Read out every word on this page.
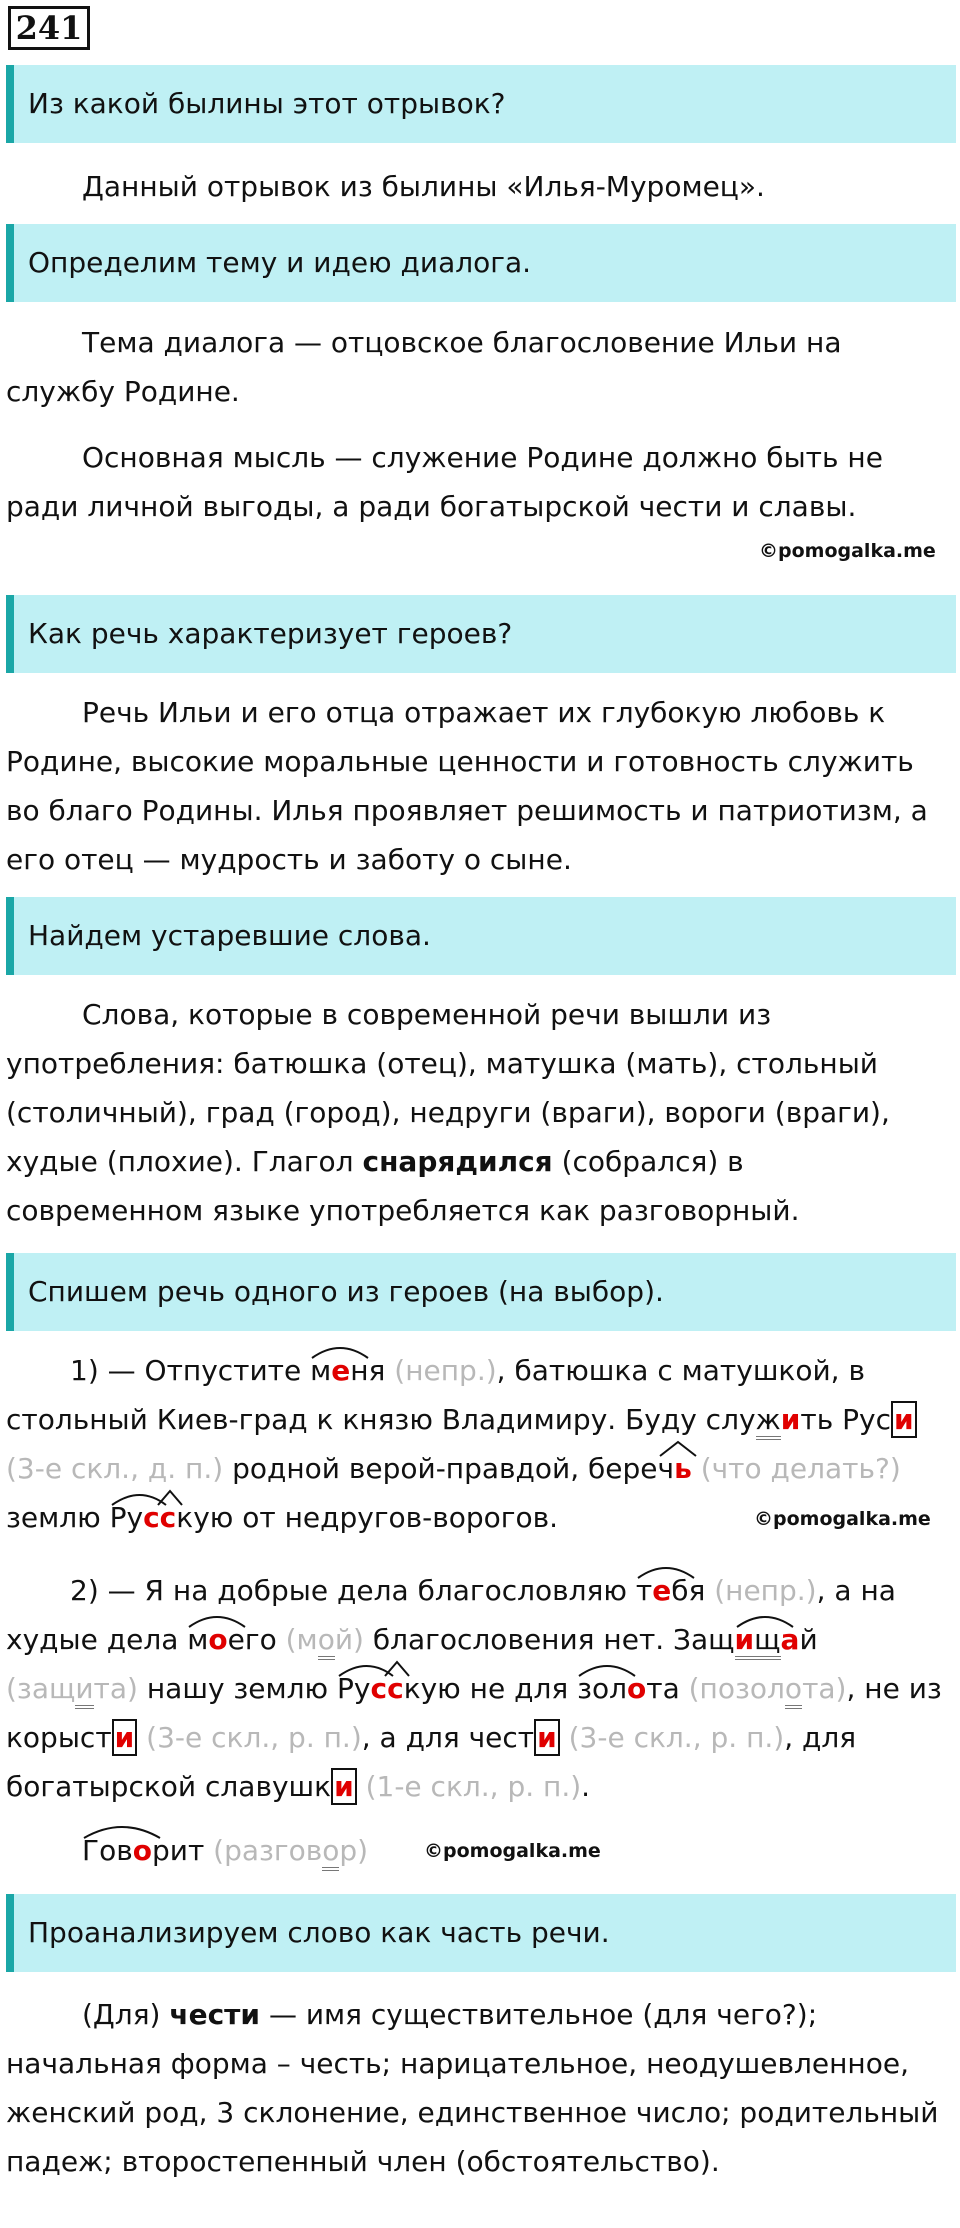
241
Из какой былины этот отрывок?

Данный отрывок из былины «Илья-Муромец».

Определим тему и идею диалога.

Тема диалога — отцовское благословение Ильи на службу Родине.

Основная мысль — служение Родине должно быть не ради личной выгоды, а ради богатырской чести и славы.

©pomogalka.me
Как речь характеризует героев?

Речь Ильи и его отца отражает их глубокую любовь к Родине, высокие моральные ценности и готовность служить во благо Родины. Илья проявляет решимость и патриотизм, а его отец — мудрость и заботу о сыне.

Найдем устаревшие слова.

Слова, которые в современной речи вышли из употребления: батюшка (отец), матушка (мать), стольный (столичный), град (город), недруги (враги), вороги (враги), худые (плохие). Глагол снарядился (собрался) в современном языке употребляется как разговорный.

Спишем речь одного из героев (на выбор).

1) — Отпустите
меня (непр.), батюшка с матушкой, в стольный Киев-град к князю Владимиру. Буду служить Рус и (3-е скл., д. п.) родной верой-правдой, бере
чь (что делать?) землю
Русскую от недругов-ворогов.	©pomogalka.me

2) — Я на добрые дела благословляю
тебя (непр.), а на худые дела
моего (мой) благословения нет. Защ
ищай (защита) нашу землю
Русскую не для
золота (позолота), не из корыст и (3-е скл., р. п.), а для чест и (3-е скл., р. п.), для богатырской славушк и (1-е скл., р. п.).

Говорит (разговор)	©pomogalka.me
Проанализируем слово как часть речи.

(Для) чести — имя существительное (для чего?); начальная форма – честь; нарицательное, неодушевленное, женский род, 3 склонение, единственное число; родительный падеж; второстепенный член (обстоятельство).
